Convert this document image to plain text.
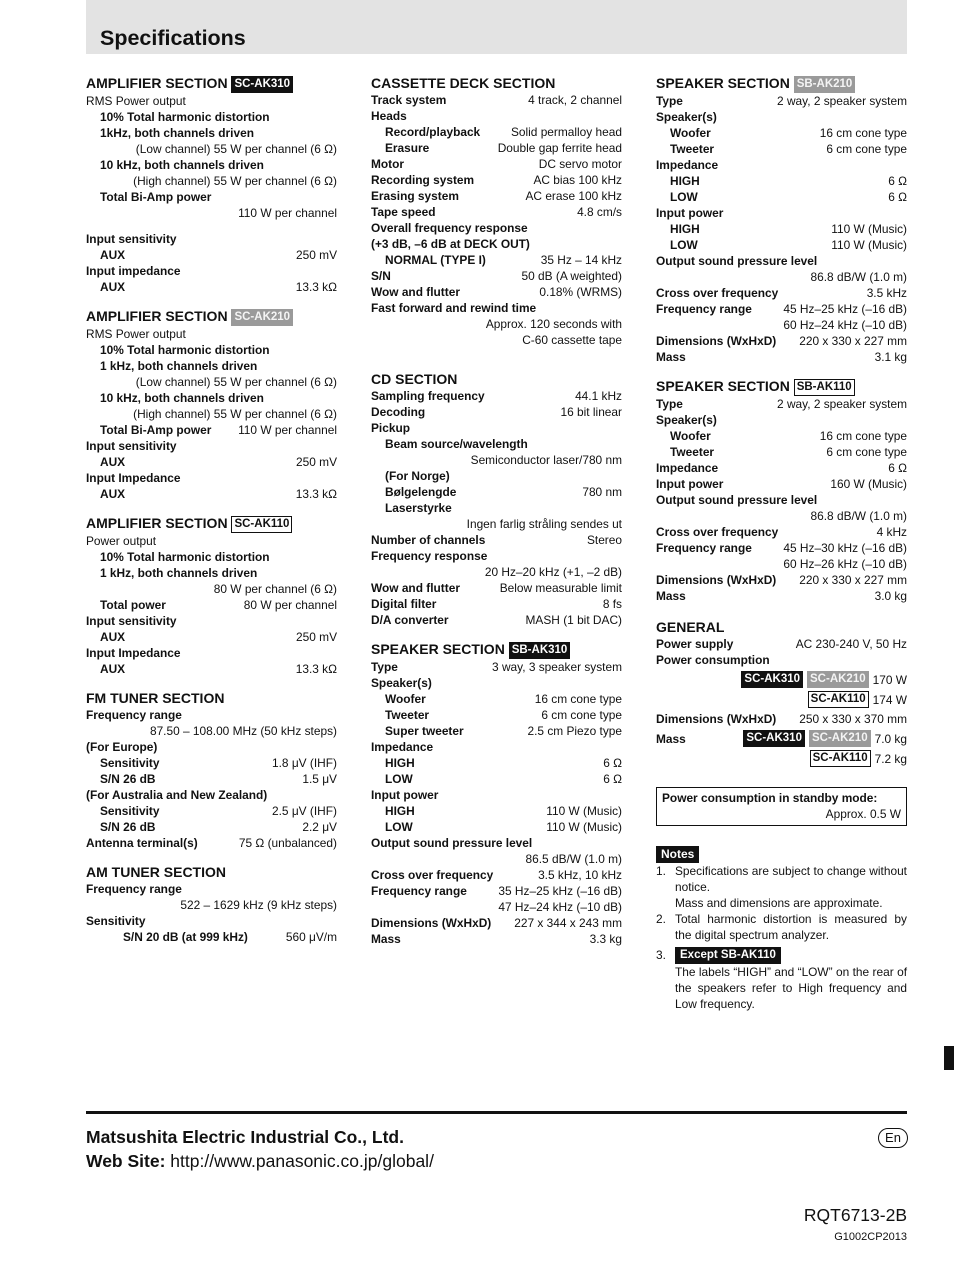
Specifications
AMPLIFIER SECTION SC-AK310
RMS Power output
10% Total harmonic distortion
1kHz, both channels driven
(Low channel) 55 W per channel (6 Ω)
10 kHz, both channels driven
(High channel) 55 W per channel (6 Ω)
Total Bi-Amp power
110 W per channel
Input sensitivity
AUX	250 mV
Input impedance
AUX	13.3 kΩ
AMPLIFIER SECTION SC-AK210
RMS Power output
10% Total harmonic distortion
1 kHz, both channels driven
(Low channel) 55 W per channel (6 Ω)
10 kHz, both channels driven
(High channel) 55 W per channel (6 Ω)
Total Bi-Amp power 110 W per channel
Input sensitivity
AUX	250 mV
Input Impedance
AUX	13.3 kΩ
AMPLIFIER SECTION SC-AK110
Power output
10% Total harmonic distortion
1 kHz, both channels driven
80 W per channel (6 Ω)
Total power	80 W per channel
Input sensitivity
AUX	250 mV
Input Impedance
AUX	13.3 kΩ
FM TUNER SECTION
Frequency range
87.50 – 108.00 MHz (50 kHz steps)
(For Europe)
Sensitivity	1.8 μV (IHF)
S/N 26 dB	1.5 μV
(For Australia and New Zealand)
Sensitivity	2.5 μV (IHF)
S/N 26 dB	2.2 μV
Antenna terminal(s)	75 Ω (unbalanced)
AM TUNER SECTION
Frequency range
522 – 1629 kHz (9 kHz steps)
Sensitivity
S/N 20 dB (at 999 kHz)	560 μV/m
CASSETTE DECK SECTION
Track system	4 track, 2 channel
Heads
Record/playback	Solid permalloy head
Erasure	Double gap ferrite head
Motor	DC servo motor
Recording system	AC bias 100 kHz
Erasing system	AC erase 100 kHz
Tape speed	4.8 cm/s
Overall frequency response
(+3 dB, –6 dB at DECK OUT)
NORMAL (TYPE I)	35 Hz – 14 kHz
S/N	50 dB (A weighted)
Wow and flutter	0.18% (WRMS)
Fast forward and rewind time
Approx. 120 seconds with
C-60 cassette tape
CD SECTION
Sampling frequency	44.1 kHz
Decoding	16 bit linear
Pickup
Beam source/wavelength
Semiconductor laser/780 nm
(For Norge)
Bølgelengde	780 nm
Laserstyrke
Ingen farlig stråling sendes ut
Number of channels	Stereo
Frequency response
20 Hz–20 kHz (+1, –2 dB)
Wow and flutter	Below measurable limit
Digital filter	8 fs
D/A converter	MASH (1 bit DAC)
SPEAKER SECTION SB-AK310
Type	3 way, 3 speaker system
Speaker(s)
Woofer	16 cm cone type
Tweeter	6 cm cone type
Super tweeter	2.5 cm Piezo type
Impedance
HIGH	6 Ω
LOW	6 Ω
Input power
HIGH	110 W (Music)
LOW	110 W (Music)
Output sound pressure level
86.5 dB/W (1.0 m)
Cross over frequency	3.5 kHz, 10 kHz
Frequency range	35 Hz–25 kHz (–16 dB)
47 Hz–24 kHz (–10 dB)
Dimensions (WxHxD) 227 x 344 x 243 mm
Mass	3.3 kg
SPEAKER SECTION SB-AK210
Type	2 way, 2 speaker system
Speaker(s)
Woofer	16 cm cone type
Tweeter	6 cm cone type
Impedance
HIGH	6 Ω
LOW	6 Ω
Input power
HIGH	110 W (Music)
LOW	110 W (Music)
Output sound pressure level
86.8 dB/W (1.0 m)
Cross over frequency	3.5 kHz
Frequency range	45 Hz–25 kHz (–16 dB)
60 Hz–24 kHz (–10 dB)
Dimensions (WxHxD) 220 x 330 x 227 mm
Mass	3.1 kg
SPEAKER SECTION SB-AK110
Type	2 way, 2 speaker system
Speaker(s)
Woofer	16 cm cone type
Tweeter	6 cm cone type
Impedance	6 Ω
Input power	160 W (Music)
Output sound pressure level
86.8 dB/W (1.0 m)
Cross over frequency	4 kHz
Frequency range	45 Hz–30 kHz (–16 dB)
60 Hz–26 kHz (–10 dB)
Dimensions (WxHxD) 220 x 330 x 227 mm
Mass	3.0 kg
GENERAL
Power supply	AC 230-240 V, 50 Hz
Power consumption
SC-AK310 SC-AK210 170 W
SC-AK110 174 W
Dimensions (WxHxD) 250 x 330 x 370 mm
Mass	SC-AK310 SC-AK210 7.0 kg
SC-AK110 7.2 kg
Power consumption in standby mode:
Approx. 0.5 W
Notes
1. Specifications are subject to change without notice.
Mass and dimensions are approximate.
2. Total harmonic distortion is measured by the digital spectrum analyzer.
3.	Except SB-AK110
The labels “HIGH” and “LOW” on the rear of the speakers refer to High frequency and Low frequency.
Matsushita Electric Industrial Co., Ltd.
Web Site: http://www.panasonic.co.jp/global/
En
RQT6713-2B
G1002CP2013
